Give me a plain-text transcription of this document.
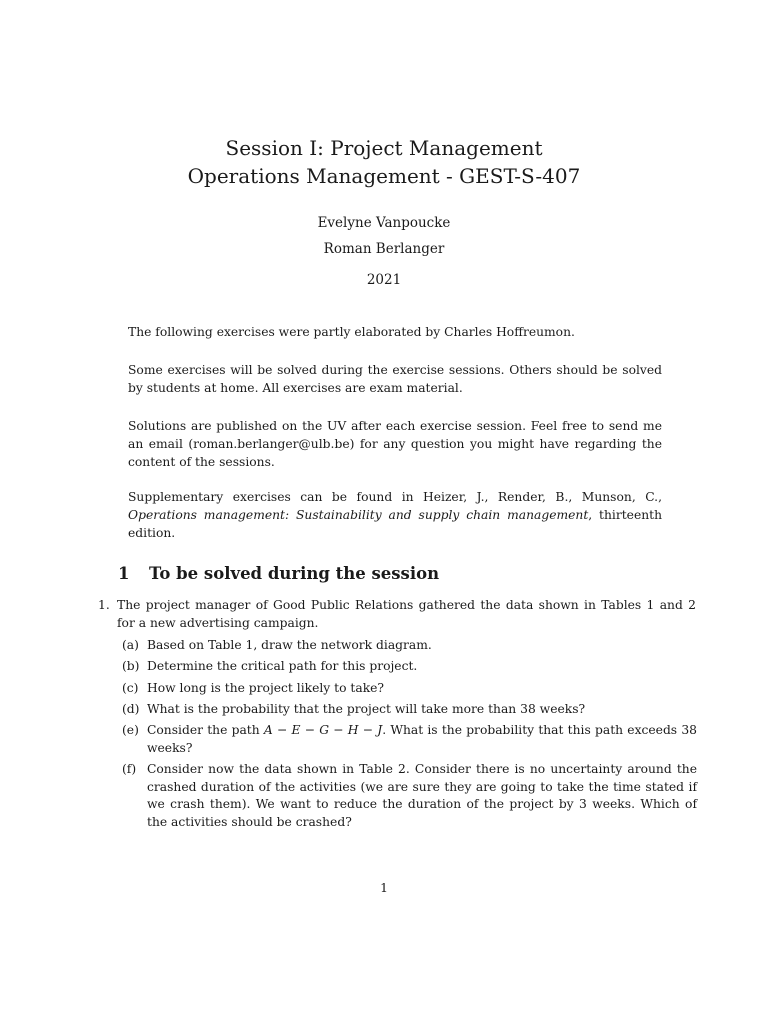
Session I: Project Management
Operations Management - GEST-S-407
Evelyne Vanpoucke
Roman Berlanger
2021
The following exercises were partly elaborated by Charles Hoffreumon.
Some exercises will be solved during the exercise sessions. Others should be solved by students at home. All exercises are exam material.
Solutions are published on the UV after each exercise session. Feel free to send me an email (roman.berlanger@ulb.be) for any question you might have regarding the content of the sessions.
Supplementary exercises can be found in Heizer, J., Render, B., Munson, C., Operations management: Sustainability and supply chain management, thirteenth edition.
1 To be solved during the session
1. The project manager of Good Public Relations gathered the data shown in Tables 1 and 2 for a new advertising campaign.
(a) Based on Table 1, draw the network diagram.
(b) Determine the critical path for this project.
(c) How long is the project likely to take?
(d) What is the probability that the project will take more than 38 weeks?
(e) Consider the path A − E − G − H − J. What is the probability that this path exceeds 38 weeks?
(f) Consider now the data shown in Table 2. Consider there is no uncertainty around the crashed duration of the activities (we are sure they are going to take the time stated if we crash them). We want to reduce the duration of the project by 3 weeks. Which of the activities should be crashed?
1
